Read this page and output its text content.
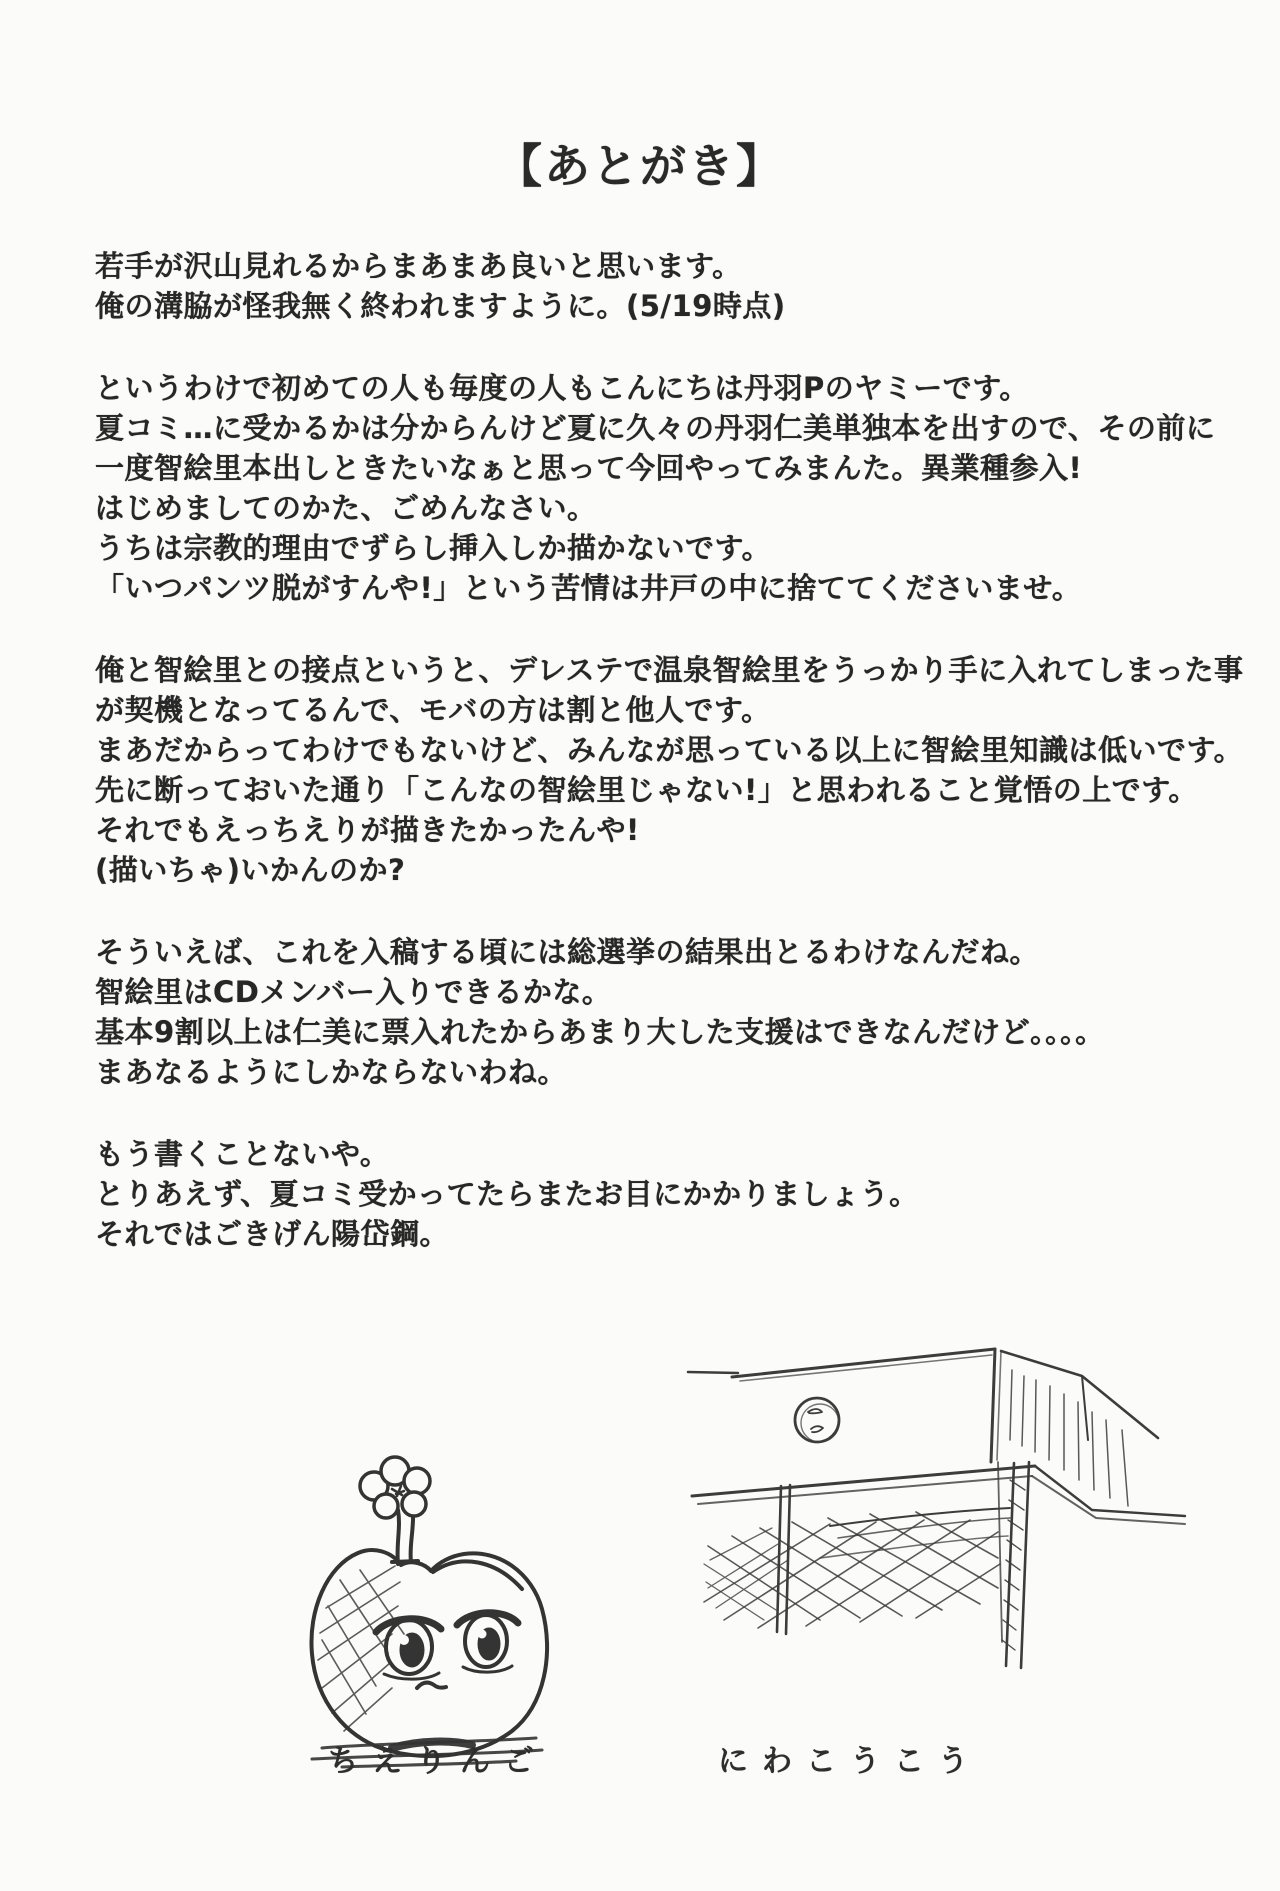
【あとがき】
若手が沢山見れるからまあまあ良いと思います。
俺の溝脇が怪我無く終われますように。(5/19時点)
というわけで初めての人も毎度の人もこんにちは丹羽Pのヤミーです。
夏コミ…に受かるかは分からんけど夏に久々の丹羽仁美単独本を出すので、その前に
一度智絵里本出しときたいなぁと思って今回やってみまんた。異業種参入!
はじめましてのかた、ごめんなさい。
うちは宗教的理由でずらし挿入しか描かないです。
「いつパンツ脱がすんや!」という苦情は井戸の中に捨ててくださいませ。
俺と智絵里との接点というと、デレステで温泉智絵里をうっかり手に入れてしまった事
が契機となってるんで、モバの方は割と他人です。
まあだからってわけでもないけど、みんなが思っている以上に智絵里知識は低いです。
先に断っておいた通り「こんなの智絵里じゃない!」と思われること覚悟の上です。
それでもえっちえりが描きたかったんや!
(描いちゃ)いかんのか?
そういえば、これを入稿する頃には総選挙の結果出とるわけなんだね。
智絵里はCDメンバー入りできるかな。
基本9割以上は仁美に票入れたからあまり大した支援はできなんだけど。。。。
まあなるようにしかならないわね。
もう書くことないや。
とりあえず、夏コミ受かってたらまたお目にかかりましょう。
それではごきげん陽岱鋼。
ちえりんご	にわこうこう
